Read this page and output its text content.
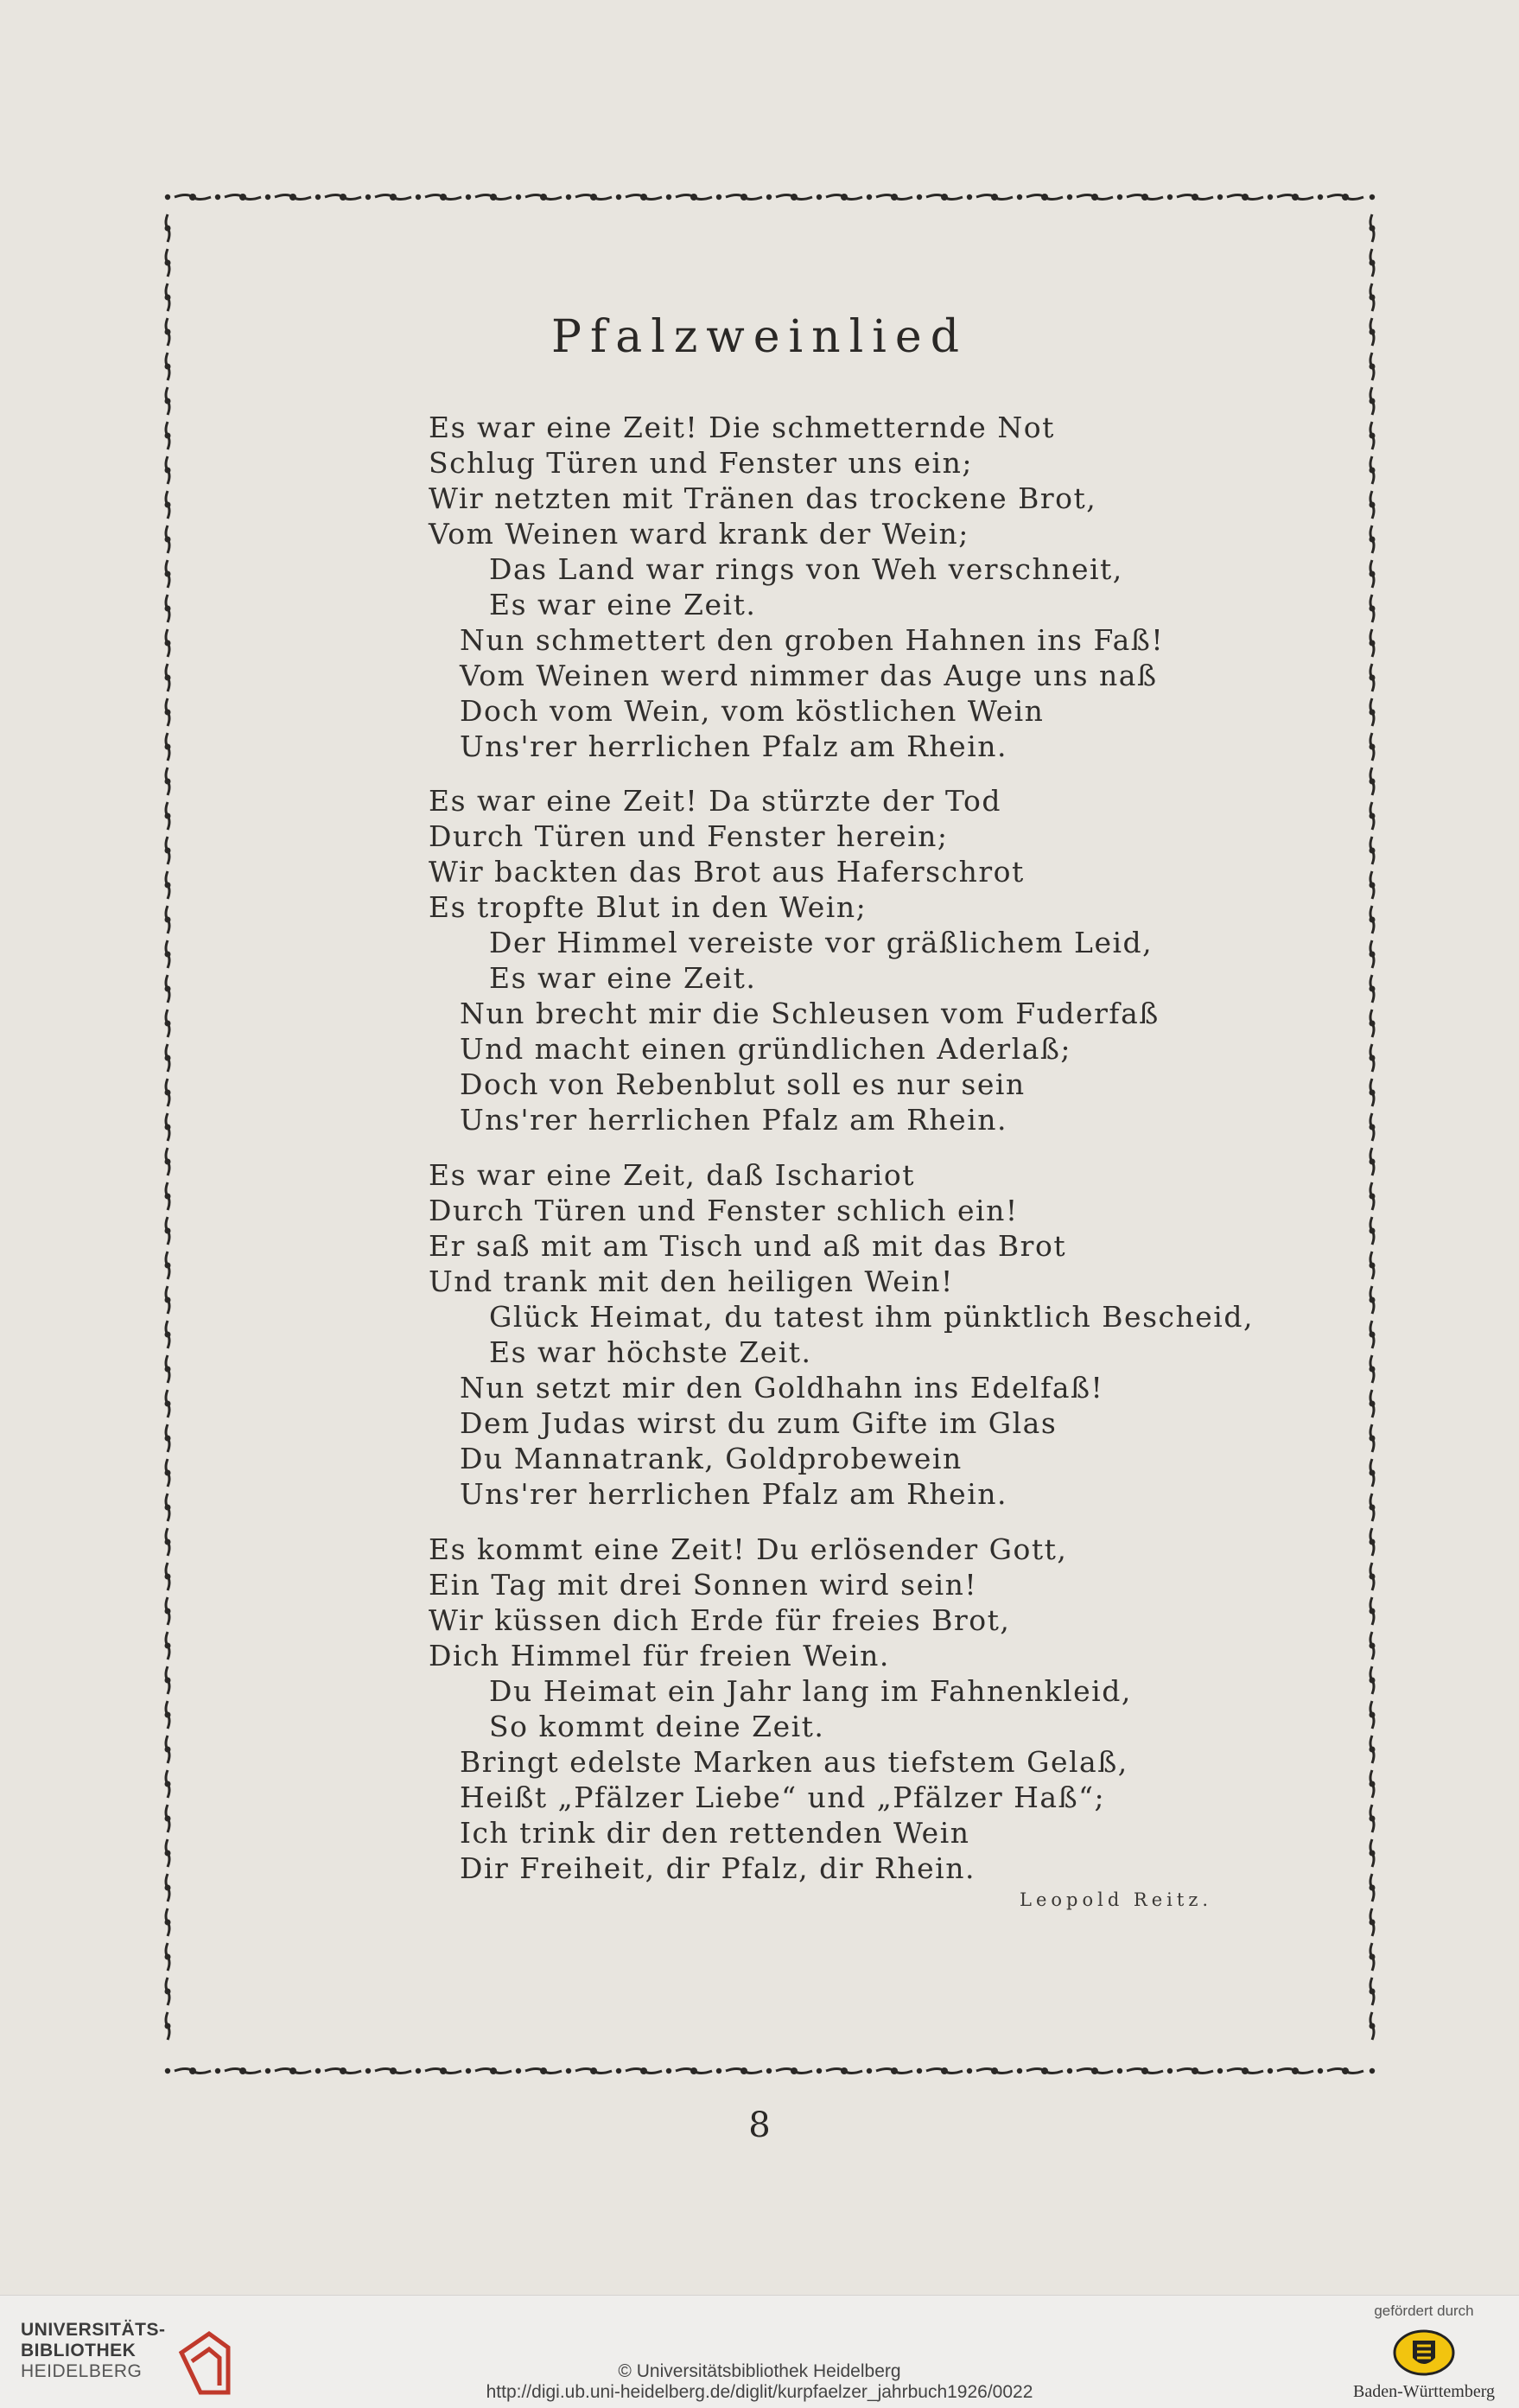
Pfalzweinlied
Es war eine Zeit! Die schmetternde Not
Schlug Türen und Fenster uns ein;
Wir netzten mit Tränen das trockene Brot,
Vom Weinen ward krank der Wein;
Das Land war rings von Weh verschneit,
Es war eine Zeit.
Nun schmettert den groben Hahnen ins Faß!
Vom Weinen werd nimmer das Auge uns naß
Doch vom Wein, vom köstlichen Wein
Uns'rer herrlichen Pfalz am Rhein.
Es war eine Zeit! Da stürzte der Tod
Durch Türen und Fenster herein;
Wir backten das Brot aus Haferschrot
Es tropfte Blut in den Wein;
Der Himmel vereiste vor gräßlichem Leid,
Es war eine Zeit.
Nun brecht mir die Schleusen vom Fuderfaß
Und macht einen gründlichen Aderlaß;
Doch von Rebenblut soll es nur sein
Uns'rer herrlichen Pfalz am Rhein.
Es war eine Zeit, daß Ischariot
Durch Türen und Fenster schlich ein!
Er saß mit am Tisch und aß mit das Brot
Und trank mit den heiligen Wein!
Glück Heimat, du tatest ihm pünktlich Bescheid,
Es war höchste Zeit.
Nun setzt mir den Goldhahn ins Edelfaß!
Dem Judas wirst du zum Gifte im Glas
Du Mannatrank, Goldprobewein
Uns'rer herrlichen Pfalz am Rhein.
Es kommt eine Zeit! Du erlösender Gott,
Ein Tag mit drei Sonnen wird sein!
Wir küssen dich Erde für freies Brot,
Dich Himmel für freien Wein.
Du Heimat ein Jahr lang im Fahnenkleid,
So kommt deine Zeit.
Bringt edelste Marken aus tiefstem Gelaß,
Heißt „Pfälzer Liebe“ und „Pfälzer Haß“;
Ich trink dir den rettenden Wein
Dir Freiheit, dir Pfalz, dir Rhein.
Leopold Reitz.
8
UNIVERSITÄTS-
BIBLIOTHEK
HEIDELBERG	© Universitätsbibliothek Heidelberg
http://digi.ub.uni-heidelberg.de/diglit/kurpfaelzer_jahrbuch1926/0022
gefördert durch
Baden-Württemberg
